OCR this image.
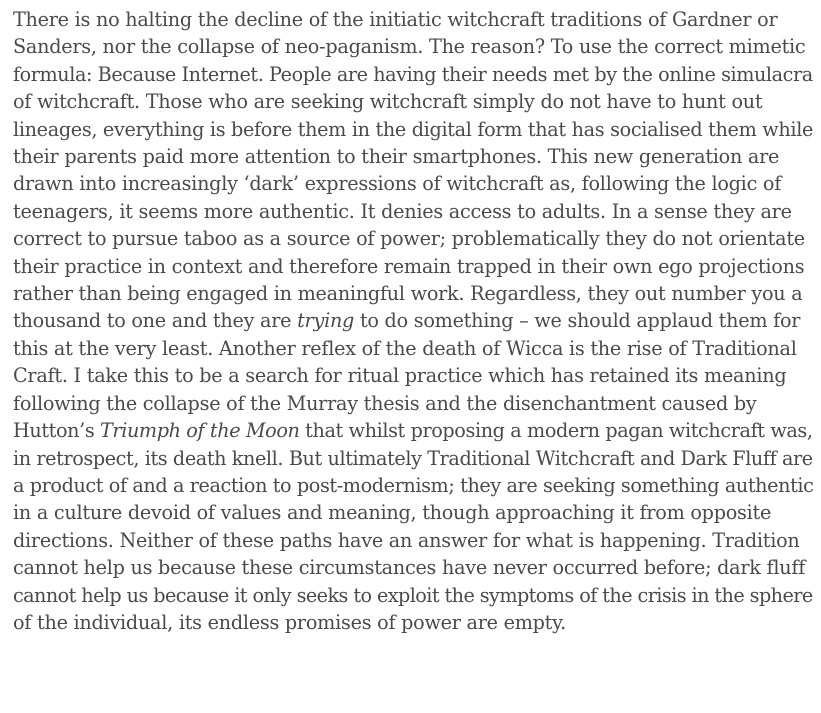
There is no halting the decline of the initiatic witchcraft traditions of Gardner or
Sanders, nor the collapse of neo-paganism. The reason? To use the correct mimetic
formula: Because Internet. People are having their needs met by the online simulacra
of witchcraft. Those who are seeking witchcraft simply do not have to hunt out
lineages, everything is before them in the digital form that has socialised them while
their parents paid more attention to their smartphones. This new generation are
drawn into increasingly ‘dark’ expressions of witchcraft as, following the logic of
teenagers, it seems more authentic. It denies access to adults. In a sense they are
correct to pursue taboo as a source of power; problematically they do not orientate
their practice in context and therefore remain trapped in their own ego projections
rather than being engaged in meaningful work. Regardless, they out number you a
thousand to one and they are trying to do something – we should applaud them for
this at the very least. Another reflex of the death of Wicca is the rise of Traditional
Craft. I take this to be a search for ritual practice which has retained its meaning
following the collapse of the Murray thesis and the disenchantment caused by
Hutton’s Triumph of the Moon that whilst proposing a modern pagan witchcraft was,
in retrospect, its death knell. But ultimately Traditional Witchcraft and Dark Fluff are
a product of and a reaction to post-modernism; they are seeking something authentic
in a culture devoid of values and meaning, though approaching it from opposite
directions. Neither of these paths have an answer for what is happening. Tradition
cannot help us because these circumstances have never occurred before; dark fluff
cannot help us because it only seeks to exploit the symptoms of the crisis in the sphere
of the individual, its endless promises of power are empty.
